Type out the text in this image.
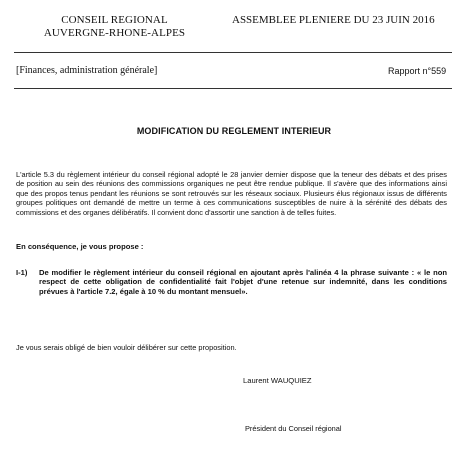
CONSEIL REGIONAL
AUVERGNE-RHONE-ALPES
ASSEMBLEE PLENIERE DU 23 JUIN 2016
[Finances, administration générale]	Rapport n°559
MODIFICATION DU REGLEMENT INTERIEUR
L'article 5.3 du règlement intérieur du conseil régional adopté le 28 janvier dernier dispose que la teneur des débats et des prises de position au sein des réunions des commissions organiques ne peut être rendue publique. Il s'avère que des informations ainsi que des propos tenus pendant les réunions se sont retrouvés sur les réseaux sociaux. Plusieurs élus régionaux issus de différents groupes politiques ont demandé de mettre un terme à ces communications susceptibles de nuire à la sérénité des débats des commissions et des organes délibératifs. Il convient donc d'assortir une sanction à de telles fuites.
En conséquence, je vous propose :
I-1) De modifier le règlement intérieur du conseil régional en ajoutant après l'alinéa 4 la phrase suivante : « le non respect de cette obligation de confidentialité fait l'objet d'une retenue sur indemnité, dans les conditions prévues à l'article 7.2, égale à 10 % du montant mensuel».
Je vous serais obligé de bien vouloir délibérer sur cette proposition.
Laurent WAUQUIEZ
Président du Conseil régional
